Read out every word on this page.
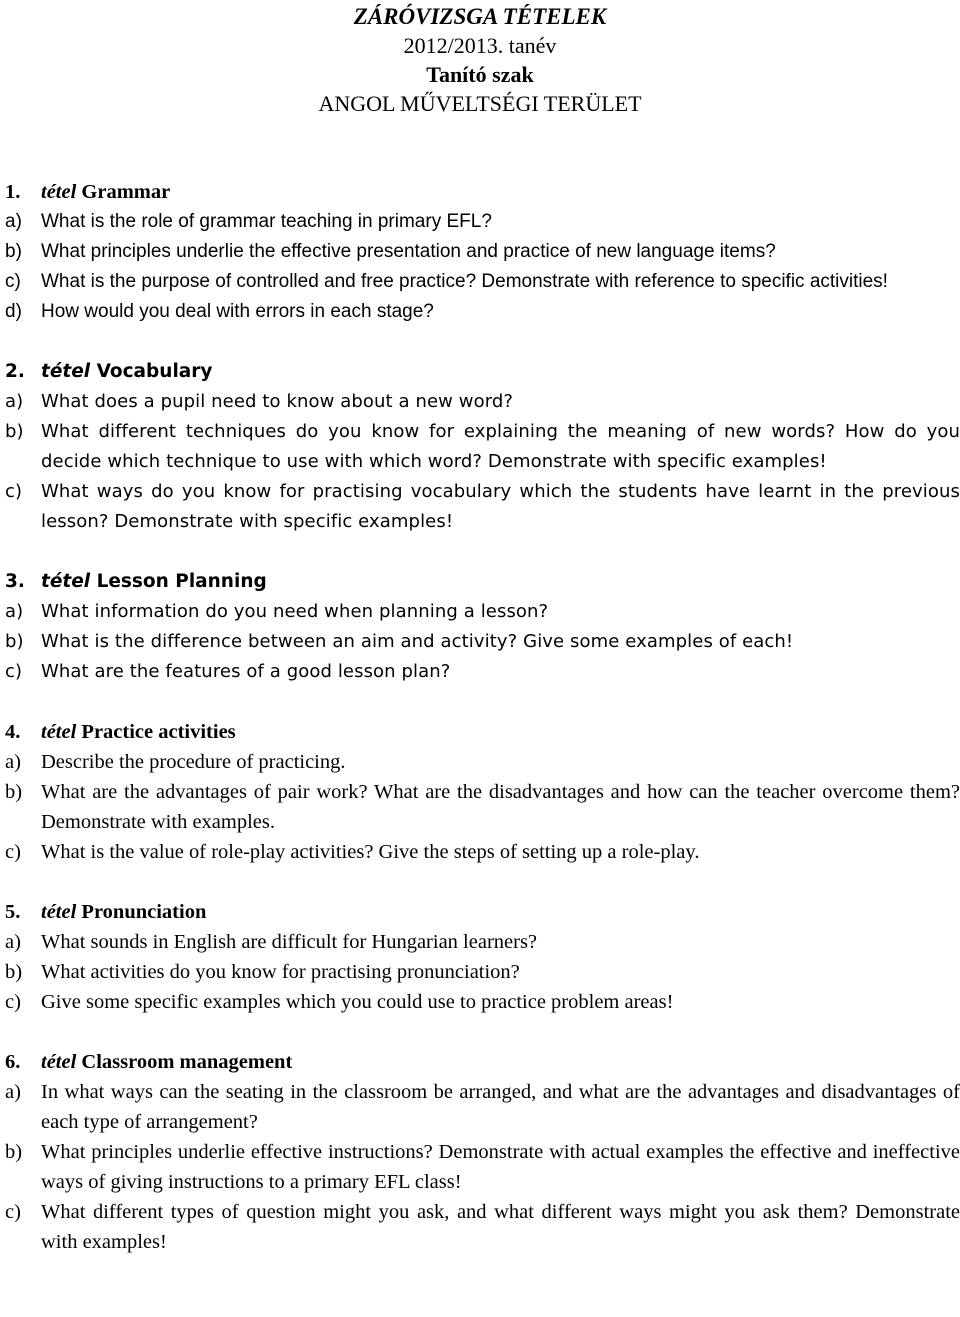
ZÁRÓVIZSGA TÉTELEK
2012/2013. tanév
Tanító szak
ANGOL MŰVELTSÉGI TERÜLET
1. tétel Grammar
a)	What is the role of grammar teaching in primary EFL?
b)	What principles underlie the effective presentation and practice of new language items?
c)	What is the purpose of controlled and free practice? Demonstrate with reference to specific activities!
d)	How would you deal with errors in each stage?
2. tétel Vocabulary
a) What does a pupil need to know about a new word?
b) What different techniques do you know for explaining the meaning of new words? How do you decide which technique to use with which word? Demonstrate with specific examples!
c)	What ways do you know for practising vocabulary which the students have learnt in the previous lesson? Demonstrate with specific examples!
3. tétel Lesson Planning
a) What information do you need when planning a lesson?
b) What is the difference between an aim and activity? Give some examples of each!
c)	What are the features of a good lesson plan?
4. tétel Practice activities
a) Describe the procedure of practicing.
b) What are the advantages of pair work? What are the disadvantages and how can the teacher overcome them? Demonstrate with examples.
c) What is the value of role-play activities? Give the steps of setting up a role-play.
5. tétel Pronunciation
a) What sounds in English are difficult for Hungarian learners?
b) What activities do you know for practising pronunciation?
c) Give some specific examples which you could use to practice problem areas!
6. tétel Classroom management
a) In what ways can the seating in the classroom be arranged, and what are the advantages and disadvantages of each type of arrangement?
b) What principles underlie effective instructions? Demonstrate with actual examples the effective and ineffective ways of giving instructions to a primary EFL class!
c) What different types of question might you ask, and what different ways might you ask them? Demonstrate with examples!
